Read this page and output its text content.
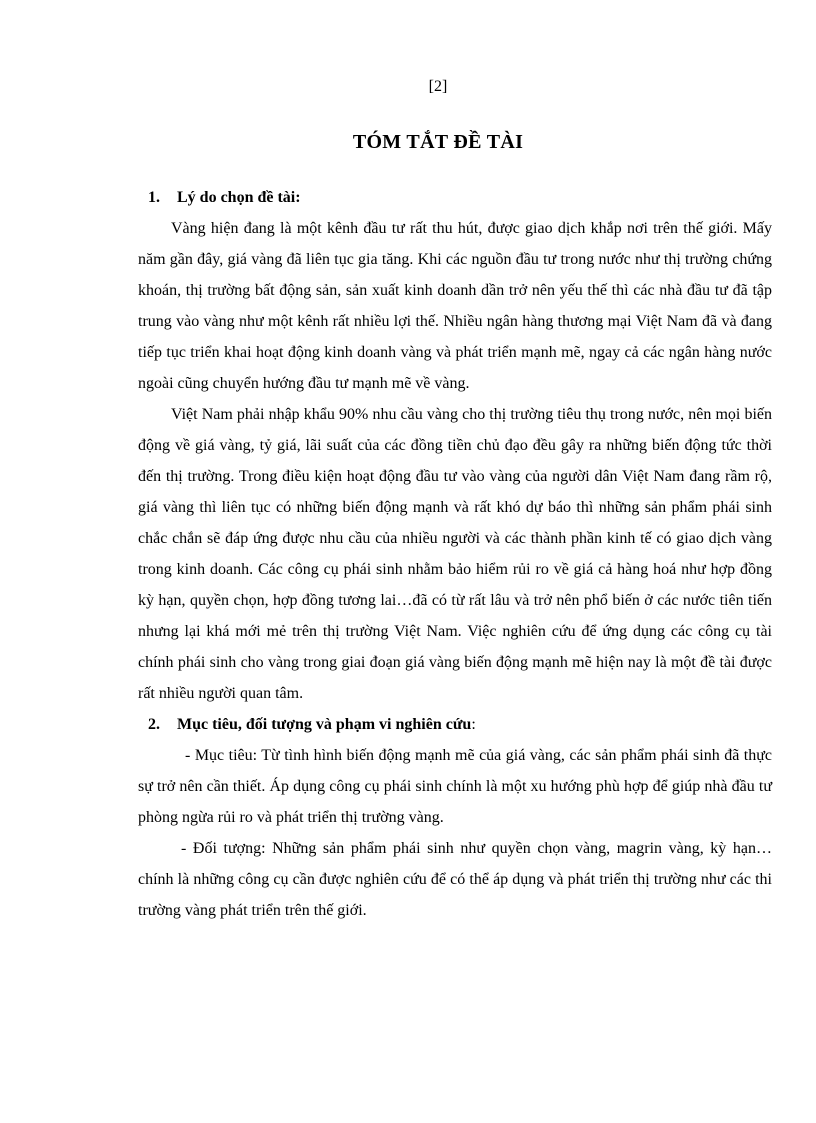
[2]
TÓM TẮT ĐỀ TÀI

1. Lý do chọn đề tài:

Vàng hiện đang là một kênh đầu tư rất thu hút, được giao dịch khắp nơi trên thế giới. Mấy năm gần đây, giá vàng đã liên tục gia tăng. Khi các nguồn đầu tư trong nước như thị trường chứng khoán, thị trường bất động sản, sản xuất kinh doanh dần trở nên yếu thế thì các nhà đầu tư đã tập trung vào vàng như một kênh rất nhiều lợi thế. Nhiều ngân hàng thương mại Việt Nam đã và đang tiếp tục triển khai hoạt động kinh doanh vàng và phát triển mạnh mẽ, ngay cả các ngân hàng nước ngoài cũng chuyển hướng đầu tư mạnh mẽ về vàng.

Việt Nam phải nhập khẩu 90% nhu cầu vàng cho thị trường tiêu thụ trong nước, nên mọi biến động về giá vàng, tỷ giá, lãi suất của các đồng tiền chủ đạo đều gây ra những biến động tức thời đến thị trường. Trong điều kiện hoạt động đầu tư vào vàng của người dân Việt Nam đang rầm rộ, giá vàng thì liên tục có những biến động mạnh và rất khó dự báo thì những sản phẩm phái sinh chắc chắn sẽ đáp ứng được nhu cầu của nhiều người và các thành phần kinh tế có giao dịch vàng trong kinh doanh. Các công cụ phái sinh nhằm bảo hiểm rủi ro về giá cả hàng hoá như hợp đồng kỳ hạn, quyền chọn, hợp đồng tương lai…đã có từ rất lâu và trở nên phổ biến ở các nước tiên tiến nhưng lại khá mới mẻ trên thị trường Việt Nam. Việc nghiên cứu để ứng dụng các công cụ tài chính phái sinh cho vàng trong giai đoạn giá vàng biến động mạnh mẽ hiện nay là một đề tài được rất nhiều người quan tâm.

2. Mục tiêu, đối tượng và phạm vi nghiên cứu:

- Mục tiêu: Từ tình hình biến động mạnh mẽ của giá vàng, các sản phẩm phái sinh đã thực sự trở nên cần thiết. Áp dụng công cụ phái sinh chính là một xu hướng phù hợp để giúp nhà đầu tư phòng ngừa rủi ro và phát triển thị trường vàng.

- Đối tượng: Những sản phẩm phái sinh như quyền chọn vàng, magrin vàng, kỳ hạn… chính là những công cụ cần được nghiên cứu để có thể áp dụng và phát triển thị trường như các thi trường vàng phát triển trên thế giới.
